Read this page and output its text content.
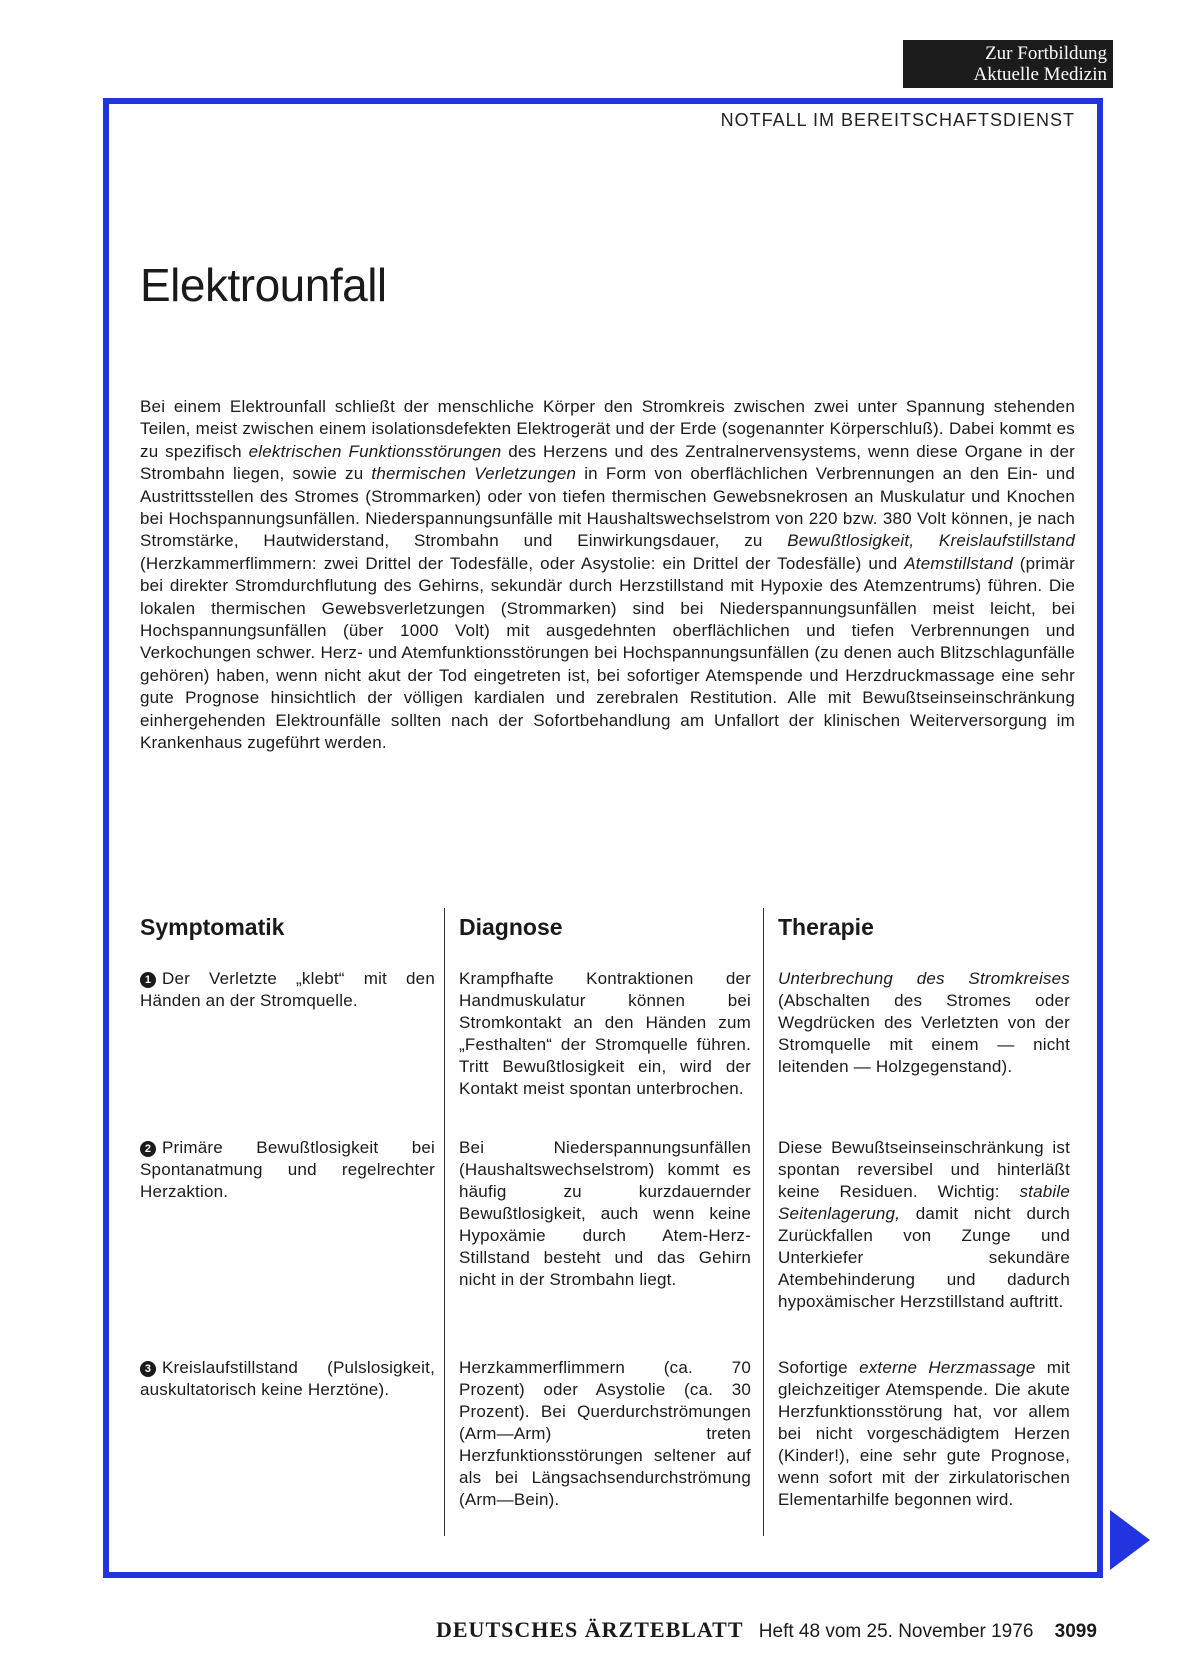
Zur Fortbildung
Aktuelle Medizin
NOTFALL IM BEREITSCHAFTSDIENST
Elektrounfall

Bei einem Elektrounfall schließt der menschliche Körper den Stromkreis zwischen zwei unter Spannung stehenden Teilen, meist zwischen einem isolationsdefekten Elektrogerät und der Erde (sogenannter Körperschluß). Dabei kommt es zu spezifisch elektrischen Funktionsstörungen des Herzens und des Zentralnervensystems, wenn diese Organe in der Strombahn liegen, sowie zu thermischen Verletzungen in Form von oberflächlichen Verbrennungen an den Ein- und Austrittsstellen des Stromes (Strommarken) oder von tiefen thermischen Gewebsnekrosen an Muskulatur und Knochen bei Hochspannungsunfällen. Niederspannungsunfälle mit Haushaltswechselstrom von 220 bzw. 380 Volt können, je nach Stromstärke, Hautwiderstand, Strombahn und Einwirkungsdauer, zu Bewußtlosigkeit, Kreislaufstillstand (Herzkammerflimmern: zwei Drittel der Todesfälle, oder Asystolie: ein Drittel der Todesfälle) und Atemstillstand (primär bei direkter Stromdurchflutung des Gehirns, sekundär durch Herzstillstand mit Hypoxie des Atemzentrums) führen. Die lokalen thermischen Gewebsverletzungen (Strommarken) sind bei Niederspannungsunfällen meist leicht, bei Hochspannungsunfällen (über 1000 Volt) mit ausgedehnten oberflächlichen und tiefen Verbrennungen und Verkochungen schwer. Herz- und Atemfunktionsstörungen bei Hochspannungsunfällen (zu denen auch Blitzschlagunfälle gehören) haben, wenn nicht akut der Tod eingetreten ist, bei sofortiger Atemspende und Herzdruckmassage eine sehr gute Prognose hinsichtlich der völligen kardialen und zerebralen Restitution. Alle mit Bewußtseinseinschränkung einhergehenden Elektrounfälle sollten nach der Sofortbehandlung am Unfallort der klinischen Weiterversorgung im Krankenhaus zugeführt werden.

Symptomatik

1 Der Verletzte „klebt“ mit den Händen an der Stromquelle.

2 Primäre Bewußtlosigkeit bei Spontanatmung und regelrechter Herzaktion.

3 Kreislaufstillstand (Pulslosigkeit, auskultatorisch keine Herztöne).

Diagnose

Krampfhafte Kontraktionen der Handmuskulatur können bei Stromkontakt an den Händen zum „Festhalten“ der Stromquelle führen. Tritt Bewußtlosigkeit ein, wird der Kontakt meist spontan unterbrochen.

Bei Niederspannungsunfällen (Haushaltswechselstrom) kommt es häufig zu kurzdauernder Bewußtlosigkeit, auch wenn keine Hypoxämie durch Atem-Herz-Stillstand besteht und das Gehirn nicht in der Strombahn liegt.

Herzkammerflimmern (ca. 70 Prozent) oder Asystolie (ca. 30 Prozent). Bei Querdurchströmungen (Arm—Arm) treten Herzfunktionsstörungen seltener auf als bei Längsachsendurchströmung (Arm—Bein).

Therapie

Unterbrechung des Stromkreises (Abschalten des Stromes oder Wegdrücken des Verletzten von der Stromquelle mit einem — nicht leitenden — Holzgegenstand).

Diese Bewußtseinseinschränkung ist spontan reversibel und hinterläßt keine Residuen. Wichtig: stabile Seitenlagerung, damit nicht durch Zurückfallen von Zunge und Unterkiefer sekundäre Atembehinderung und dadurch hypoxämischer Herzstillstand auftritt.

Sofortige externe Herzmassage mit gleichzeitiger Atemspende. Die akute Herzfunktionsstörung hat, vor allem bei nicht vorgeschädigtem Herzen (Kinder!), eine sehr gute Prognose, wenn sofort mit der zirkulatorischen Elementarhilfe begonnen wird.

DEUTSCHES ÄRZTEBLATT Heft 48 vom 25. November 1976 3099
